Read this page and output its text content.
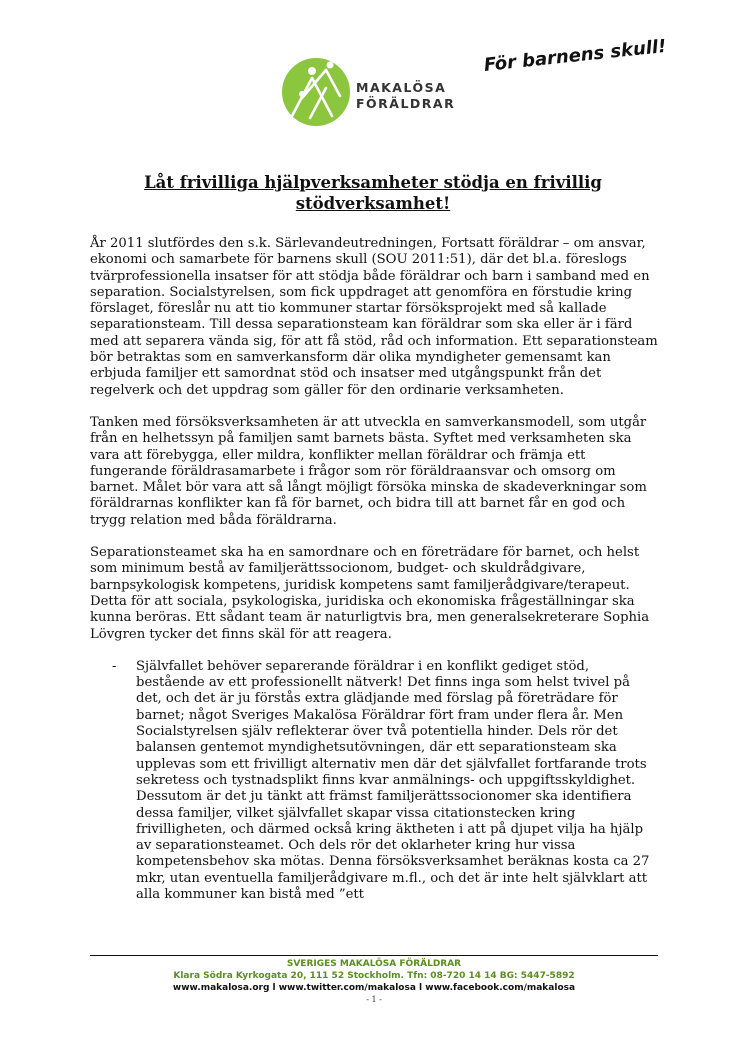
MAKALÖSA
FÖRÄLDRAR
För barnens skull!
Låt frivilliga hjälpverksamheter stödja en frivillig stödverksamhet!

År 2011 slutfördes den s.k. Särlevandeutredningen, Fortsatt föräldrar – om ansvar, ekonomi och samarbete för barnens skull (SOU 2011:51), där det bl.a. föreslogs tvärprofessionella insatser för att stödja både föräldrar och barn i samband med en separation. Socialstyrelsen, som fick uppdraget att genomföra en förstudie kring förslaget, föreslår nu att tio kommuner startar försöksprojekt med så kallade separationsteam. Till dessa separationsteam kan föräldrar som ska eller är i färd med att separera vända sig, för att få stöd, råd och information. Ett separationsteam bör betraktas som en samverkansform där olika myndigheter gemensamt kan erbjuda familjer ett samordnat stöd och insatser med utgångspunkt från det regelverk och det uppdrag som gäller för den ordinarie verksamheten.

Tanken med försöksverksamheten är att utveckla en samverkansmodell, som utgår från en helhetssyn på familjen samt barnets bästa. Syftet med verksamheten ska vara att förebygga, eller mildra, konflikter mellan föräldrar och främja ett fungerande föräldrasamarbete i frågor som rör föräldraansvar och omsorg om barnet. Målet bör vara att så långt möjligt försöka minska de skadeverkningar som föräldrarnas konflikter kan få för barnet, och bidra till att barnet får en god och trygg relation med båda föräldrarna.

Separationsteamet ska ha en samordnare och en företrädare för barnet, och helst som minimum bestå av familjerättssocionom, budget- och skuldrådgivare, barnpsykologisk kompetens, juridisk kompetens samt familjerådgivare/terapeut. Detta för att sociala, psykologiska, juridiska och ekonomiska frågeställningar ska kunna beröras. Ett sådant team är naturligtvis bra, men generalsekreterare Sophia Lövgren tycker det finns skäl för att reagera.

- Självfallet behöver separerande föräldrar i en konflikt gediget stöd, bestående av ett professionellt nätverk! Det finns inga som helst tvivel på det, och det är ju förstås extra glädjande med förslag på företrädare för barnet; något Sveriges Makalösa Föräldrar fört fram under flera år. Men Socialstyrelsen själv reflekterar över två potentiella hinder. Dels rör det balansen gentemot myndighetsutövningen, där ett separationsteam ska upplevas som ett frivilligt alternativ men där det självfallet fortfarande trots sekretess och tystnadsplikt finns kvar anmälnings- och uppgiftsskyldighet. Dessutom är det ju tänkt att främst familjerättssocionomer ska identifiera dessa familjer, vilket självfallet skapar vissa citationstecken kring frivilligheten, och därmed också kring äktheten i att på djupet vilja ha hjälp av separationsteamet. Och dels rör det oklarheter kring hur vissa kompetensbehov ska mötas. Denna försöksverksamhet beräknas kosta ca 27 mkr, utan eventuella familjerådgivare m.fl., och det är inte helt självklart att alla kommuner kan bistå med ”ett
SVERIGES MAKALÖSA FÖRÄLDRAR
Klara Södra Kyrkogata 20, 111 52 Stockholm. Tfn: 08-720 14 14 BG: 5447-5892
www.makalosa.org l www.twitter.com/makalosa l www.facebook.com/makalosa
- 1 -
